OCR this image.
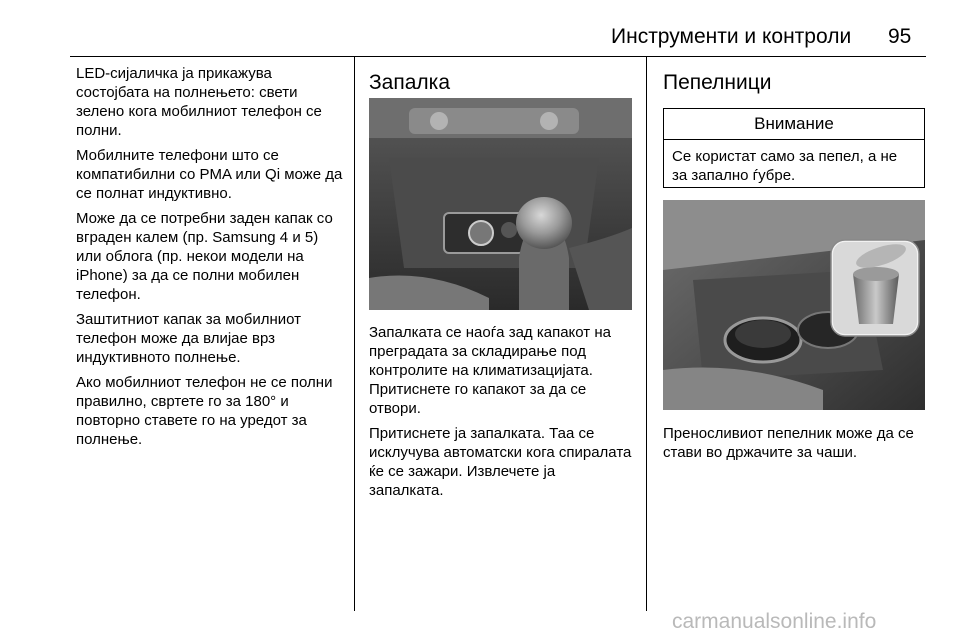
Инструменти и контроли 95

LED-сијаличка ја прикажува состојбата на полнењето: свети зелено кога мобилниот телефон се полни.

Мобилните телефони што се компатибилни со PMA или Qi може да се полнат индуктивно.

Може да се потребни заден капак со вграден калем (пр. Samsung 4 и 5) или облога (пр. некои модели на iPhone) за да се полни мобилен телефон.

Заштитниот капак за мобилниот телефон може да влијае врз индуктивното полнење.

Ако мобилниот телефон не се полни правилно, свртете го за 180° и повторно ставете го на уредот за полнење.

Запалка

Запалката се наоѓа зад капакот на преградата за складирање под контролите на климатизацијата. Притиснете го капакот за да се отвори.

Притиснете ја запалката. Таа се исклучува автоматски кога спиралата ќе се зажари. Извлечете ја запалката.

Пепелници
Внимание
Се користат само за пепел, а не за запално ѓубре.
Преносливиот пепелник може да се стави во држачите за чаши.
carmanualsonline.info
